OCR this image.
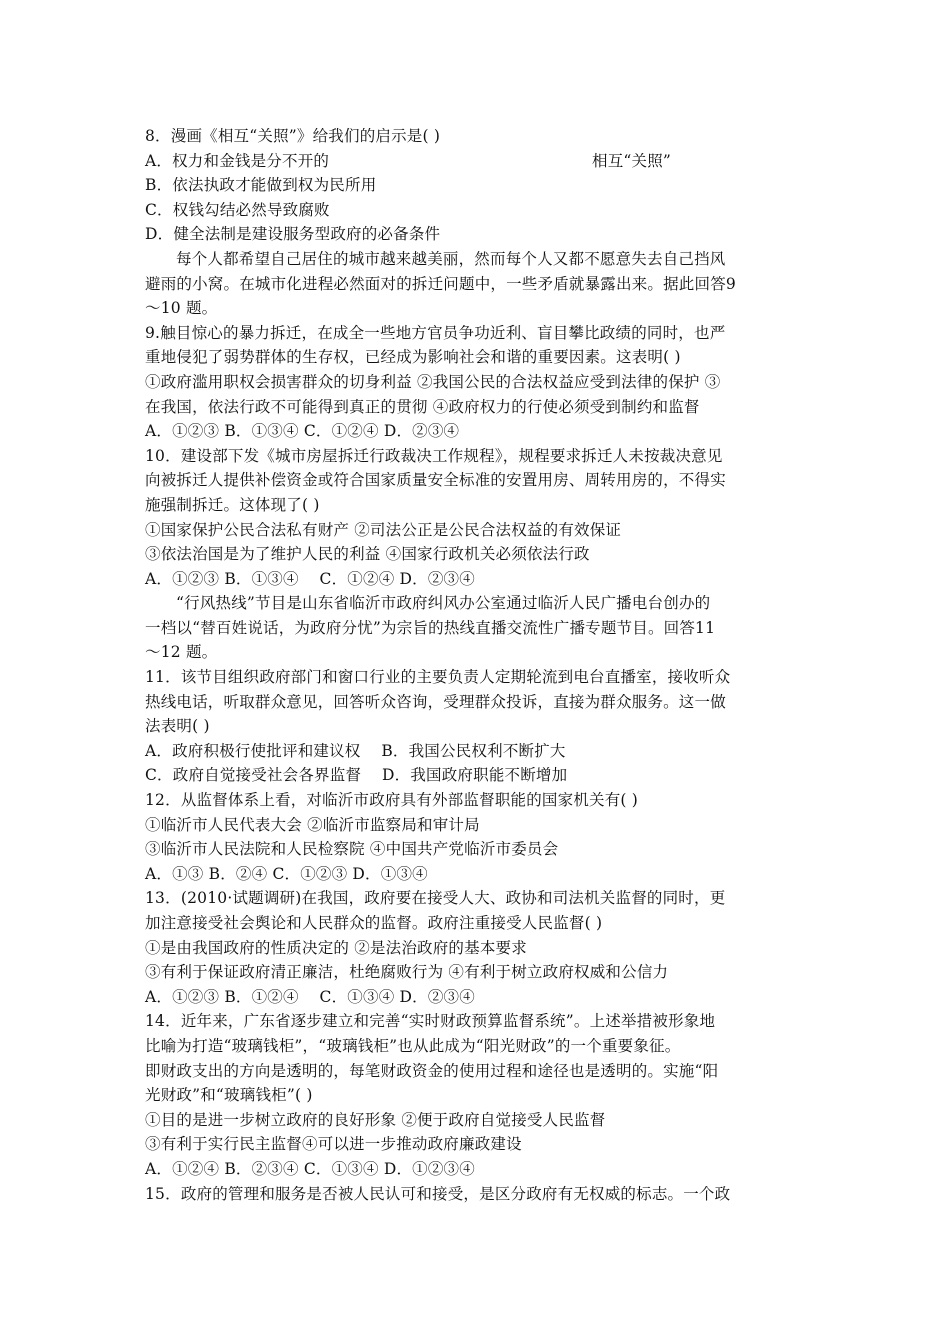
8．漫画《相互“关照”》给我们的启示是( )
A．权力和金钱是分不开的	相互“关照”
B．依法执政才能做到权为民所用
C．权钱勾结必然导致腐败
D．健全法制是建设服务型政府的必备条件
每个人都希望自己居住的城市越来越美丽，然而每个人又都不愿意失去自己挡风
避雨的小窝。在城市化进程必然面对的拆迁问题中，一些矛盾就暴露出来。据此回答9
～10 题。
9.触目惊心的暴力拆迁，在成全一些地方官员争功近利、盲目攀比政绩的同时，也严
重地侵犯了弱势群体的生存权，已经成为影响社会和谐的重要因素。这表明( )
①政府滥用职权会损害群众的切身利益 ②我国公民的合法权益应受到法律的保护 ③
在我国，依法行政不可能得到真正的贯彻 ④政府权力的行使必须受到制约和监督
A．①②③ B．①③④ C．①②④ D．②③④
10．建设部下发《城市房屋拆迁行政裁决工作规程》，规程要求拆迁人未按裁决意见
向被拆迁人提供补偿资金或符合国家质量安全标准的安置用房、周转用房的，不得实
施强制拆迁。这体现了( )
①国家保护公民合法私有财产 ②司法公正是公民合法权益的有效保证
③依法治国是为了维护人民的利益 ④国家行政机关必须依法行政
A．①②③ B．①③④　 C．①②④ D．②③④
“行风热线”节目是山东省临沂市政府纠风办公室通过临沂人民广播电台创办的
一档以“替百姓说话，为政府分忧”为宗旨的热线直播交流性广播专题节目。回答11
～12 题。
11．该节目组织政府部门和窗口行业的主要负责人定期轮流到电台直播室，接收听众
热线电话，听取群众意见，回答听众咨询，受理群众投诉，直接为群众服务。这一做
法表明( )
A．政府积极行使批评和建议权　 B．我国公民权利不断扩大
C．政府自觉接受社会各界监督　 D．我国政府职能不断增加
12．从监督体系上看，对临沂市政府具有外部监督职能的国家机关有( )
①临沂市人民代表大会 ②临沂市监察局和审计局
③临沂市人民法院和人民检察院 ④中国共产党临沂市委员会
A．①③ B．②④ C．①②③ D．①③④
13．(2010·试题调研)在我国，政府要在接受人大、政协和司法机关监督的同时，更
加注意接受社会舆论和人民群众的监督。政府注重接受人民监督( )
①是由我国政府的性质决定的 ②是法治政府的基本要求
③有利于保证政府清正廉洁，杜绝腐败行为 ④有利于树立政府权威和公信力
A．①②③ B．①②④　 C．①③④ D．②③④
14．近年来，广东省逐步建立和完善“实时财政预算监督系统”。上述举措被形象地
比喻为打造“玻璃钱柜”，“玻璃钱柜”也从此成为“阳光财政”的一个重要象征。
即财政支出的方向是透明的，每笔财政资金的使用过程和途径也是透明的。实施“阳
光财政”和“玻璃钱柜”( )
①目的是进一步树立政府的良好形象 ②便于政府自觉接受人民监督
③有利于实行民主监督④可以进一步推动政府廉政建设
A．①②④ B．②③④ C．①③④ D．①②③④
15．政府的管理和服务是否被人民认可和接受，是区分政府有无权威的标志。一个政
